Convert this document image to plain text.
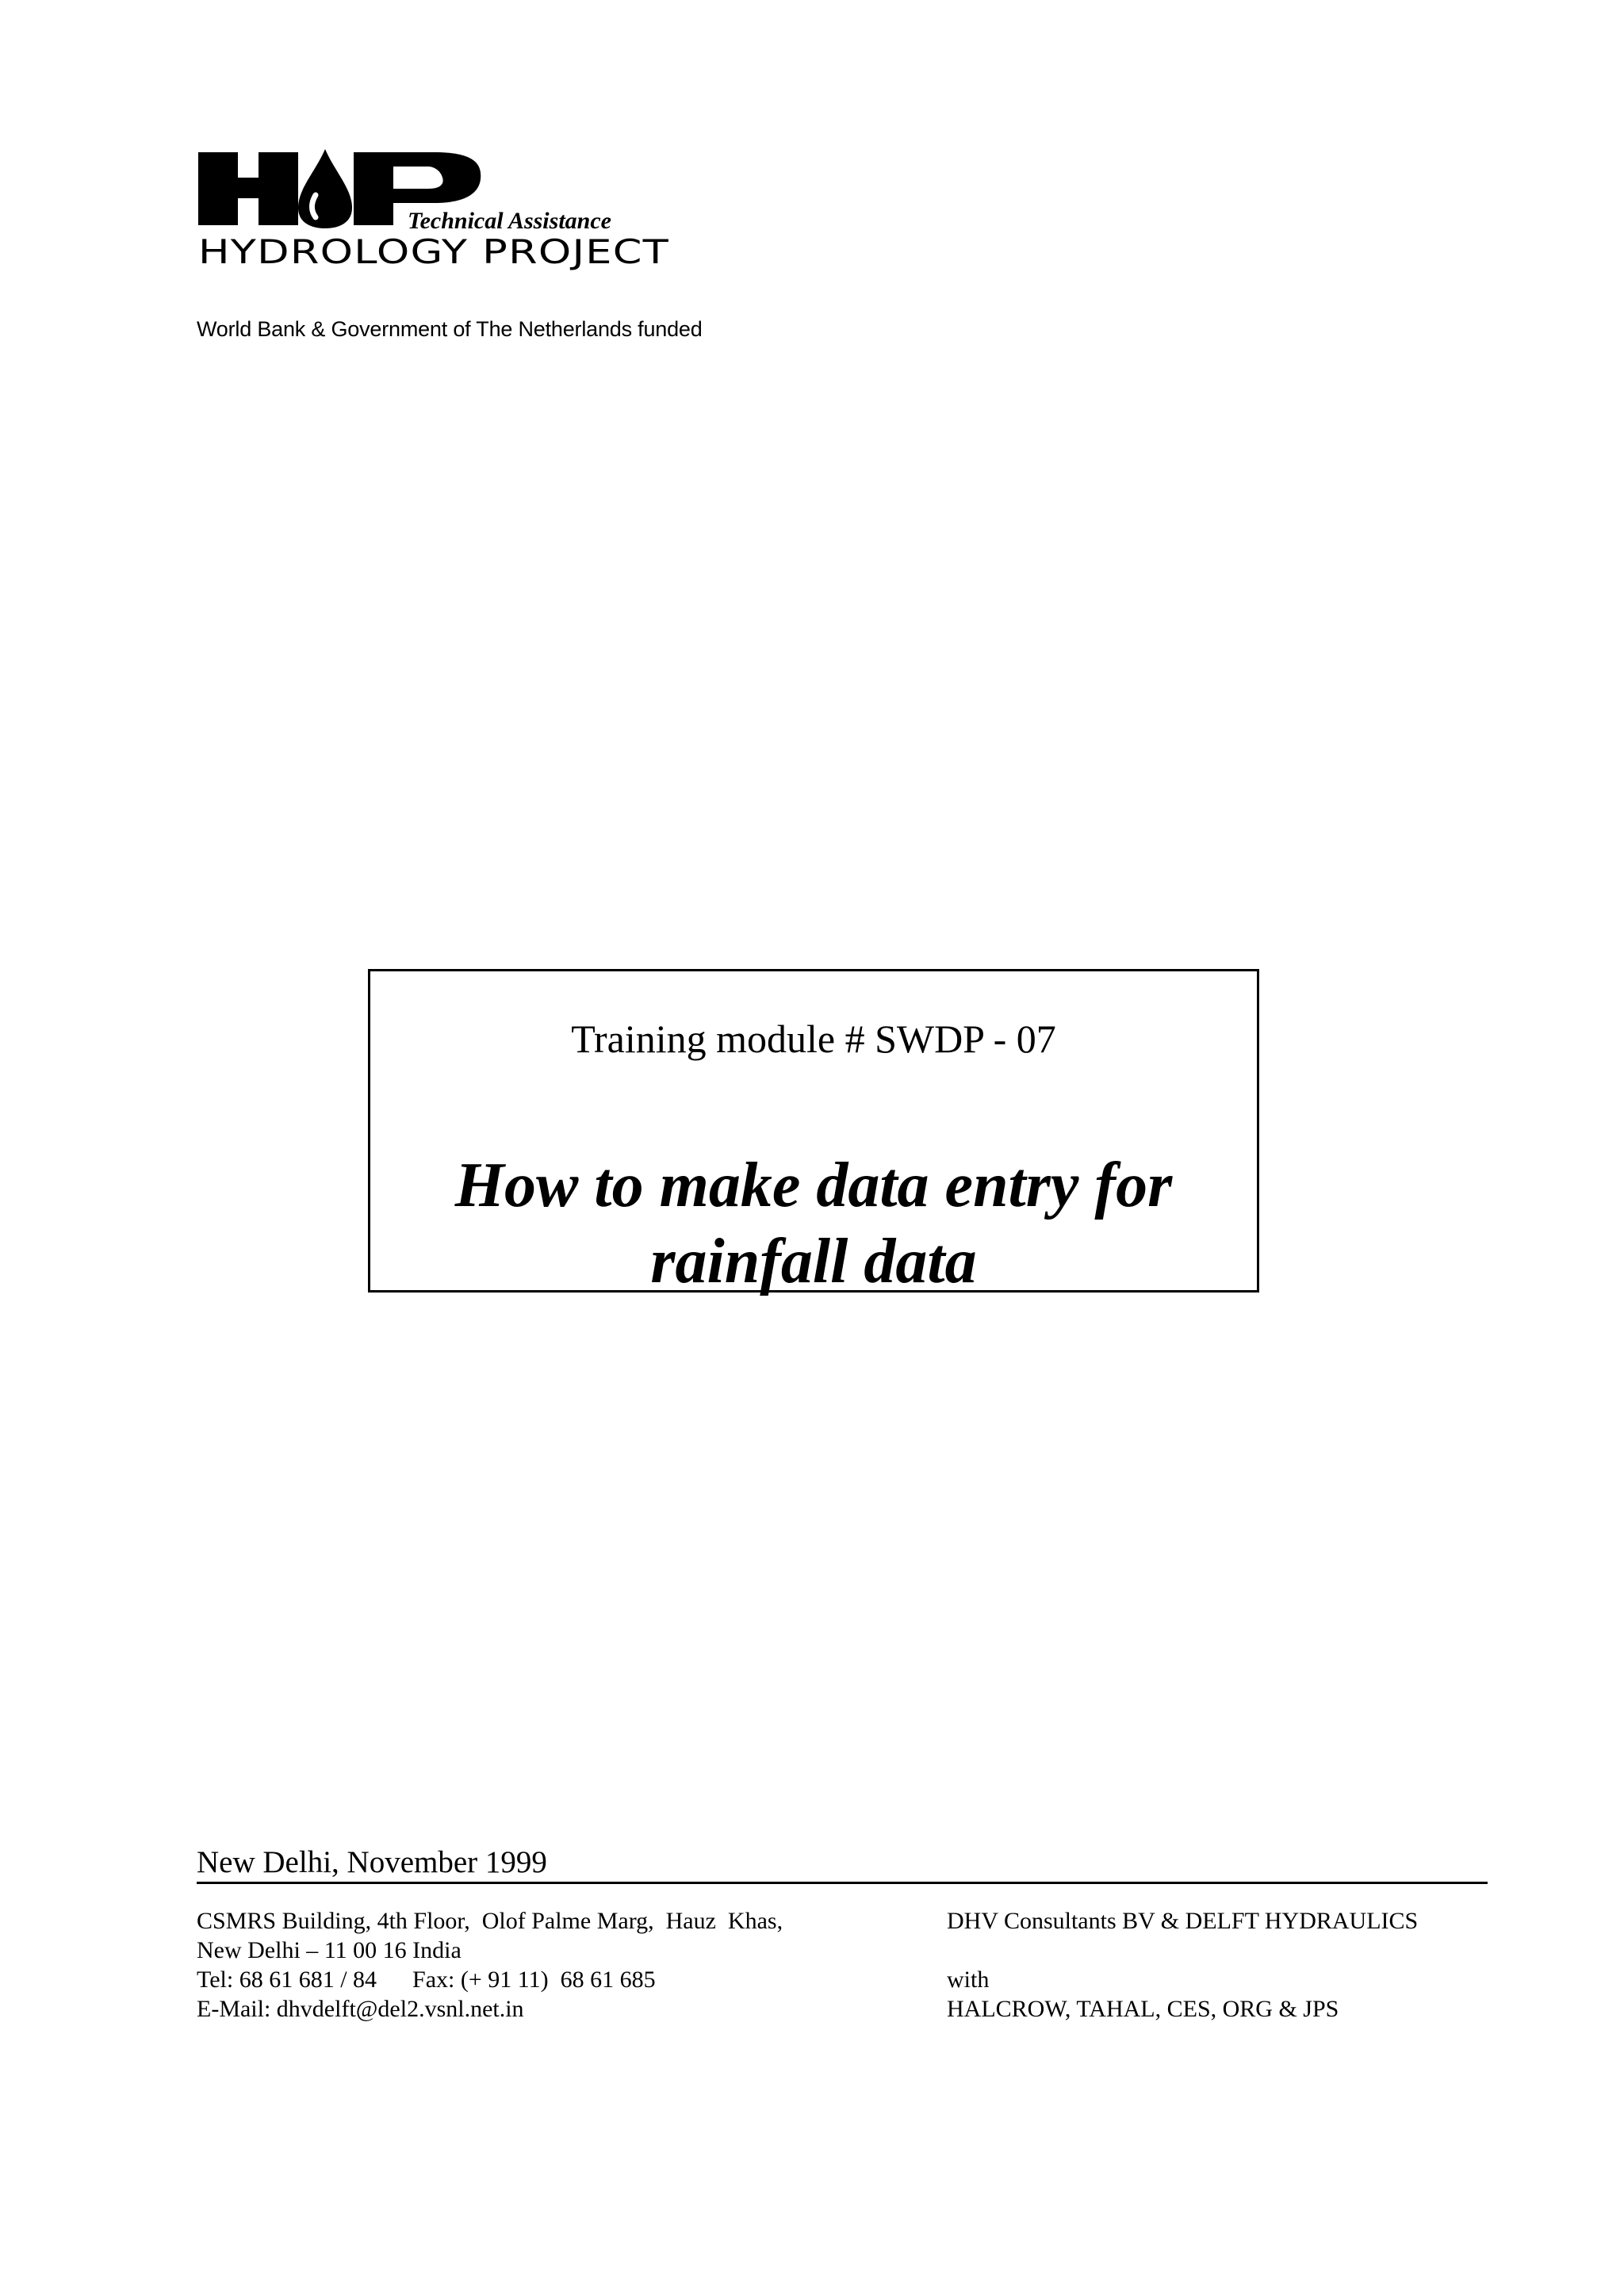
Technical Assistance
HYDROLOGY PROJECT
World Bank & Government of The Netherlands funded
Training module # SWDP - 07
How to make data entry for
rainfall data
New Delhi, November 1999
CSMRS Building, 4th Floor,  Olof Palme Marg,  Hauz  Khas,
New Delhi – 11 00 16 India
Tel: 68 61 681 / 84      Fax: (+ 91 11)  68 61 685
E-Mail: dhvdelft@del2.vsnl.net.in
DHV Consultants BV & DELFT HYDRAULICS
with
HALCROW, TAHAL, CES, ORG & JPS
